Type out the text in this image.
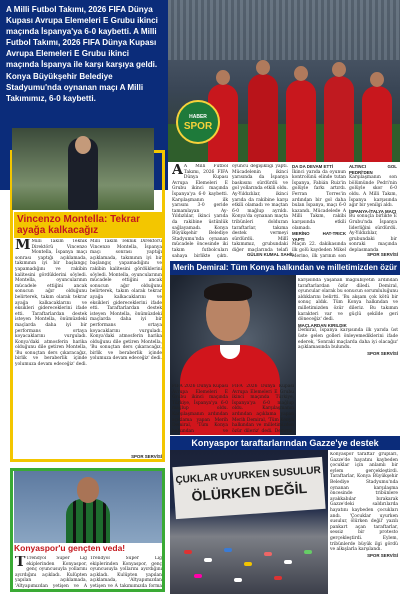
A Milli Futbol Takımı, 2026 FIFA Dünya Kupası Avrupa Elemeleri E Grubu ikinci maçında İspanya'ya 6-0 kaybetti. A Milli Futbol Takımı, 2026 FIFA Dünya Kupası Avrupa Elemeleri E Grubu ikinci maçında İspanya ile karşı karşıya geldi. Konya Büyükşehir Belediye Stadyumu'nda oynanan maçı A Milli Takımımız, 6-0 kaybetti.
HABER
SPOR
Vincenzo Montella: Tekrar ayağa kalkacağız
M Milli Takım Teknik Direktörü Vincenzo Montella, İspanya maçı sonrası yaptığı açıklamada, takımının iyi bir başlangıç yapamadığını ve rakibin kalitesini gördüklerini söyledi. Montella, oyuncularının mücadele ettiğini ancak sonucun ağır olduğunu belirterek, takım olarak tekrar ayağa kalkacaklarını ve eksikleri gidereceklerini ifade etti. Taraftarlardan destek isteyen Montella, önümüzdeki maçlarda daha iyi bir performans ortaya koyacaklarını vurguladı. Konya'daki atmosferin harika olduğunu dile getiren Montella, 'Bu sonuçtan ders çıkaracağız, birlik ve beraberlik içinde yolumuza devam edeceğiz' dedi.
Milli Takım Teknik Direktörü Vincenzo Montella, İspanya maçı sonrası yaptığı açıklamada, takımının iyi bir başlangıç yapamadığını ve rakibin kalitesini gördüklerini söyledi. Montella, oyuncularının mücadele ettiğini ancak sonucun ağır olduğunu belirterek, takım olarak tekrar ayağa kalkacaklarını ve eksikleri gidereceklerini ifade etti. Taraftarlardan destek isteyen Montella, önümüzdeki maçlarda daha iyi bir performans ortaya koyacaklarını vurguladı. Konya'daki atmosferin harika olduğunu dile getiren Montella, 'Bu sonuçtan ders çıkaracağız, birlik ve beraberlik içinde yolumuza devam edeceğiz' dedi.
SPOR SERVİSİ
A A Milli Futbol Takımı, 2026 FIFA Dünya Kupası Avrupa Elemeleri E Grubu ikinci maçında İspanya'ya 6-0 kaybetti. Karşılaşmanın ilk yarısını 3-0 geride tamamlayan Ay-Yıldızlılar, ikinci yarıda da rakibine üstünlük sağlayamadı. Konya Büyükşehir Belediye Stadyumu'nda oynanan mücadele öncesinde iki takım futbolcuları sahaya birlikte çıktı.
oyuncu değişikliği yaptı. Mücadelenin ikinci yarısında da İspanya baskısını sürdürdü ve gol yollarında etkili oldu. Ay-Yıldızlılar, ikinci yarıda da rakibine karşı etkili olamadı ve maçtan 6-0 mağlup ayrıldı. Konya'da oynanan maçta tribünleri dolduran taraftarlar, takıma destek vermeyi sürdürdü. Millî takımımız, grubundaki diğer maçlarında telafi
GÜLEN KUMAL SAHİL
DA DA DEVAM ETTİ
İkinci yarıda da oyunun kontrolünü elinde tutan İspanya, Fabián Ruiz'in golüyle farkı artırdı. Ferran Torres'in ardından bir gol daha bulan İspanya, maçı 6-0 kazandı. Mücadelede A Milli Takım, rakibi karşısında etkili olamadı.
MERİNO HAT-TRICK YAPTI
Maçın 22. dakikasında ilk golü kaydeden Mikel Merino, ilk yarının son
ALTINCI GOL PEDRİ'DEN
Karşılaşmanın son bölümünde Pedri'nin golüyle skor 6-0 oldu. A Milli Takım, İspanya karşısında ağır bir yenilgi aldı.
İSPANYA-İTALYA MAÇI
Bu sonuçla birlikte E Grubu'nda İspanya liderliğini sürdürdü. Ay-Yıldızlılar, grubundaki bir sonraki maçında deplasmanda
SPOR SERVİSİ
Merih Demiral: Tüm Konya halkından ve milletimizden özür
karşısında yaşanan mağlubiyetin ardından taraftarlardan özür diledi. Demiral, oyuncular olarak bu sonucun sorumluluğunu aldıklarını belirtti. 'Bu akşam çok kötü bir sonuç aldık. Tüm Konya halkından ve milletimizden özür dileriz. Bu takımın karakteri var ve güçlü şekilde geri döneceğiz' dedi.
MAÇLARDAN KIRILDIK
Demiral, İspanya karşısında ilk yarıda üst üste gelen golleri önleyemediklerini ifade ederek, 'Sonraki maçlarda daha iyi olacağız' açıklamasında bulundu.
SPOR SERVİSİ
FIFA 2026 Dünya Kupası Avrupa Elemeleri E Grubu ikinci maçında Türkiye, İspanya'ya 6-0 mağlup oldu. Karşılaşmanın ardından açıklama yapan Merih Demiral, 'Tüm Konya halkından ve
FIFA 2026 Dünya Kupası Avrupa Elemeleri E Grubu ikinci maçında Türkiye, İspanya'ya 6-0 mağlup oldu. Karşılaşmanın ardından açıklama yapan Merih Demiral, 'Tüm Konya halkından ve milletimizden özür dileriz' dedi. Demiral,
Konyaspor taraftarlarından Gazze'ye destek
ÇUKLAR UYURKEN SUSULUR
ÖLÜRKEN DEĞİL
Konyaspor taraftar grupları, Gazze'de hayatını kaybeden çocuklar için anlamlı bir eylem gerçekleştirdi. Taraftarlar, Konya Büyükşehir Belediye Stadyumu'nda oynanan karşılaşma öncesinde tribünlere ayakkabılar bırakarak Gazze'deki saldırılarda hayatını kaybeden çocukları andı. 'Çocuklar uyurken susulur, ölürken değil' yazılı pankart açan taraftarlar, sessiz bir protesto gerçekleştirdi. Eylem, tribünlerde büyük ilgi gördü ve alkışlarla karşılandı.
SPOR SERVİSİ
Konyaspor'u gençten veda!
T Trendyol Süper Lig ekiplerinden Konyaspor, genç oyuncusuyla yollarını ayırdığını açıkladı. Kulüpten yapılan açıklamada, 'Altyapımızdan yetişen ve A
Trendyol Süper Lig ekiplerinden Konyaspor, genç oyuncusuyla yollarını ayırdığını açıkladı. Kulüpten yapılan açıklamada, 'Altyapımızdan yetişen ve A takımımızda forma
